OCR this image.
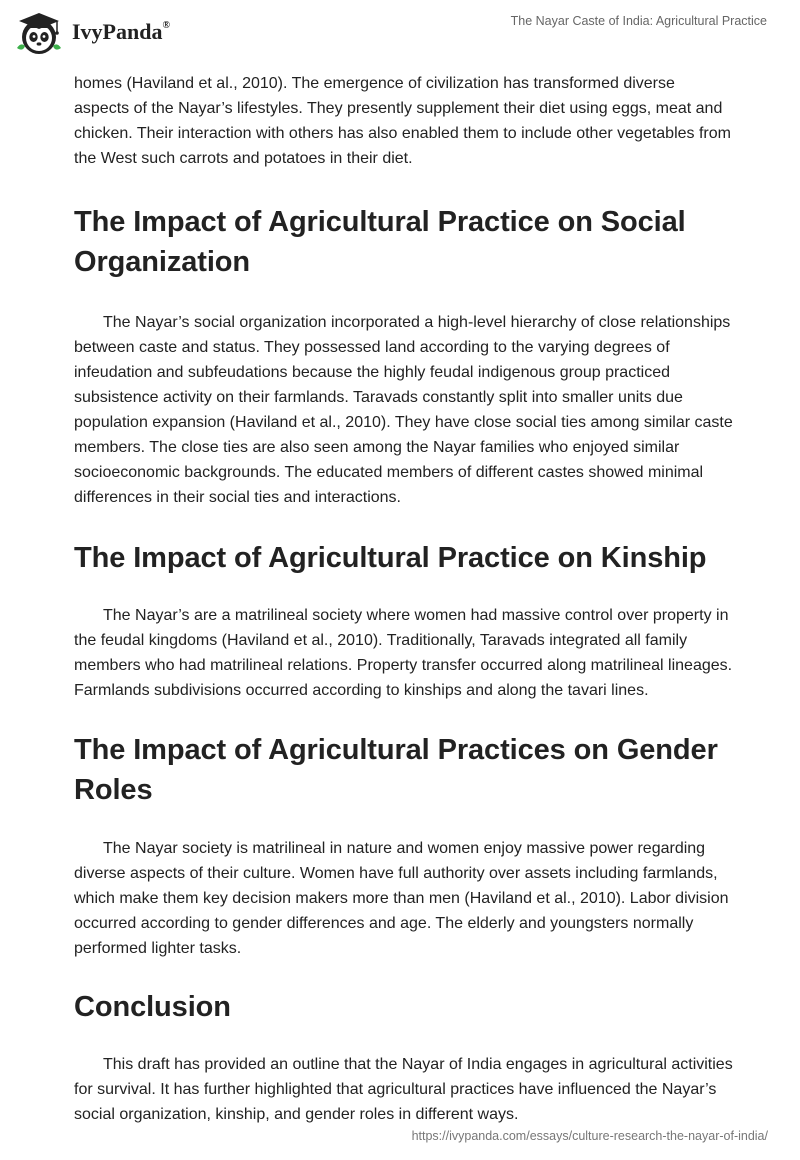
IvyPanda®	The Nayar Caste of India: Agricultural Practice

homes (Haviland et al., 2010). The emergence of civilization has transformed diverse aspects of the Nayar’s lifestyles. They presently supplement their diet using eggs, meat and chicken. Their interaction with others has also enabled them to include other vegetables from the West such carrots and potatoes in their diet.

The Impact of Agricultural Practice on Social Organization

The Nayar’s social organization incorporated a high-level hierarchy of close relationships between caste and status. They possessed land according to the varying degrees of infeudation and subfeudations because the highly feudal indigenous group practiced subsistence activity on their farmlands. Taravads constantly split into smaller units due population expansion (Haviland et al., 2010). They have close social ties among similar caste members. The close ties are also seen among the Nayar families who enjoyed similar socioeconomic backgrounds. The educated members of different castes showed minimal differences in their social ties and interactions.

The Impact of Agricultural Practice on Kinship

The Nayar’s are a matrilineal society where women had massive control over property in the feudal kingdoms (Haviland et al., 2010). Traditionally, Taravads integrated all family members who had matrilineal relations. Property transfer occurred along matrilineal lineages. Farmlands subdivisions occurred according to kinships and along the tavari lines.

The Impact of Agricultural Practices on Gender Roles

The Nayar society is matrilineal in nature and women enjoy massive power regarding diverse aspects of their culture. Women have full authority over assets including farmlands, which make them key decision makers more than men (Haviland et al., 2010). Labor division occurred according to gender differences and age. The elderly and youngsters normally performed lighter tasks.

Conclusion

This draft has provided an outline that the Nayar of India engages in agricultural activities for survival. It has further highlighted that agricultural practices have influenced the Nayar’s social organization, kinship, and gender roles in different ways.

https://ivypanda.com/essays/culture-research-the-nayar-of-india/
